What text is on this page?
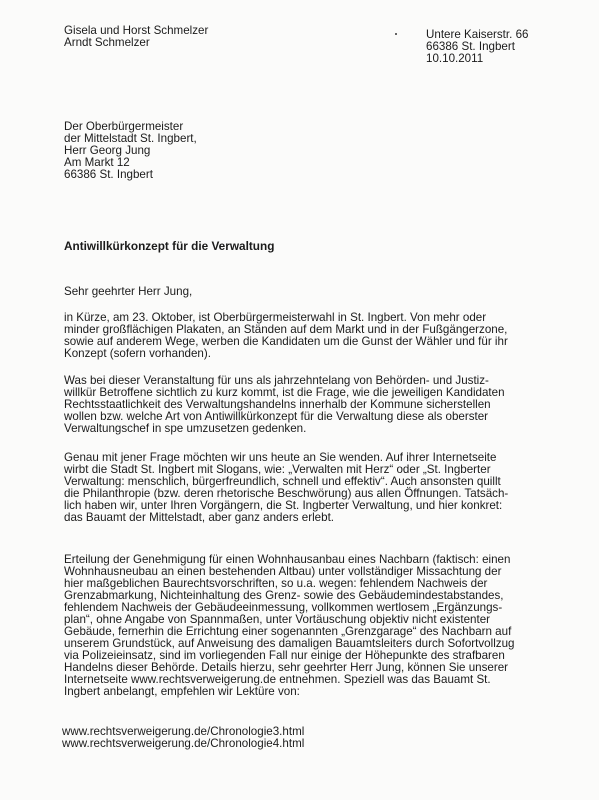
Gisela und Horst Schmelzer
Arndt Schmelzer
Untere Kaiserstr. 66
66386 St. Ingbert
10.10.2011
Der Oberbürgermeister
der Mittelstadt St. Ingbert,
Herr Georg Jung
Am Markt 12
66386 St. Ingbert
Antiwillkürkonzept für die Verwaltung
Sehr geehrter Herr Jung,
in Kürze, am 23. Oktober, ist Oberbürgermeisterwahl in St. Ingbert. Von mehr oder
minder großflächigen Plakaten, an Ständen auf dem Markt und in der Fußgängerzone,
sowie auf anderem Wege, werben die Kandidaten um die Gunst der Wähler und für ihr
Konzept (sofern vorhanden).
Was bei dieser Veranstaltung für uns als jahrzehntelang von Behörden- und Justiz-
willkür Betroffene sichtlich zu kurz kommt, ist die Frage, wie die jeweiligen Kandidaten
Rechtsstaatlichkeit des Verwaltungshandelns innerhalb der Kommune sicherstellen
wollen bzw. welche Art von Antiwillkürkonzept für die Verwaltung diese als oberster
Verwaltungschef in spe umzusetzen gedenken.
Genau mit jener Frage möchten wir uns heute an Sie wenden. Auf ihrer Internetseite
wirbt die Stadt St. Ingbert mit Slogans, wie: „Verwalten mit Herz“ oder „St. Ingberter
Verwaltung: menschlich, bürgerfreundlich, schnell und effektiv“. Auch ansonsten quillt
die Philanthropie (bzw. deren rhetorische Beschwörung) aus allen Öffnungen. Tatsäch-
lich haben wir, unter Ihren Vorgängern, die St. Ingberter Verwaltung, und hier konkret:
das Bauamt der Mittelstadt, aber ganz anders erlebt.
Erteilung der Genehmigung für einen Wohnhausanbau eines Nachbarn (faktisch: einen
Wohnhausneubau an einen bestehenden Altbau) unter vollständiger Missachtung der
hier maßgeblichen Baurechtsvorschriften, so u.a. wegen: fehlendem Nachweis der
Grenzabmarkung, Nichteinhaltung des Grenz- sowie des Gebäudemindestabstandes,
fehlendem Nachweis der Gebäudeeinmessung, vollkommen wertlosem „Ergänzungs-
plan“, ohne Angabe von Spannmaßen, unter Vortäuschung objektiv nicht existenter
Gebäude, fernerhin die Errichtung einer sogenannten „Grenzgarage“ des Nachbarn auf
unserem Grundstück, auf Anweisung des damaligen Bauamtsleiters durch Sofortvollzug
via Polizeieinsatz, sind im vorliegenden Fall nur einige der Höhepunkte des strafbaren
Handelns dieser Behörde. Details hierzu, sehr geehrter Herr Jung, können Sie unserer
Internetseite www.rechtsverweigerung.de entnehmen. Speziell was das Bauamt St.
Ingbert anbelangt, empfehlen wir Lektüre von:
www.rechtsverweigerung.de/Chronologie3.html
www.rechtsverweigerung.de/Chronologie4.html
